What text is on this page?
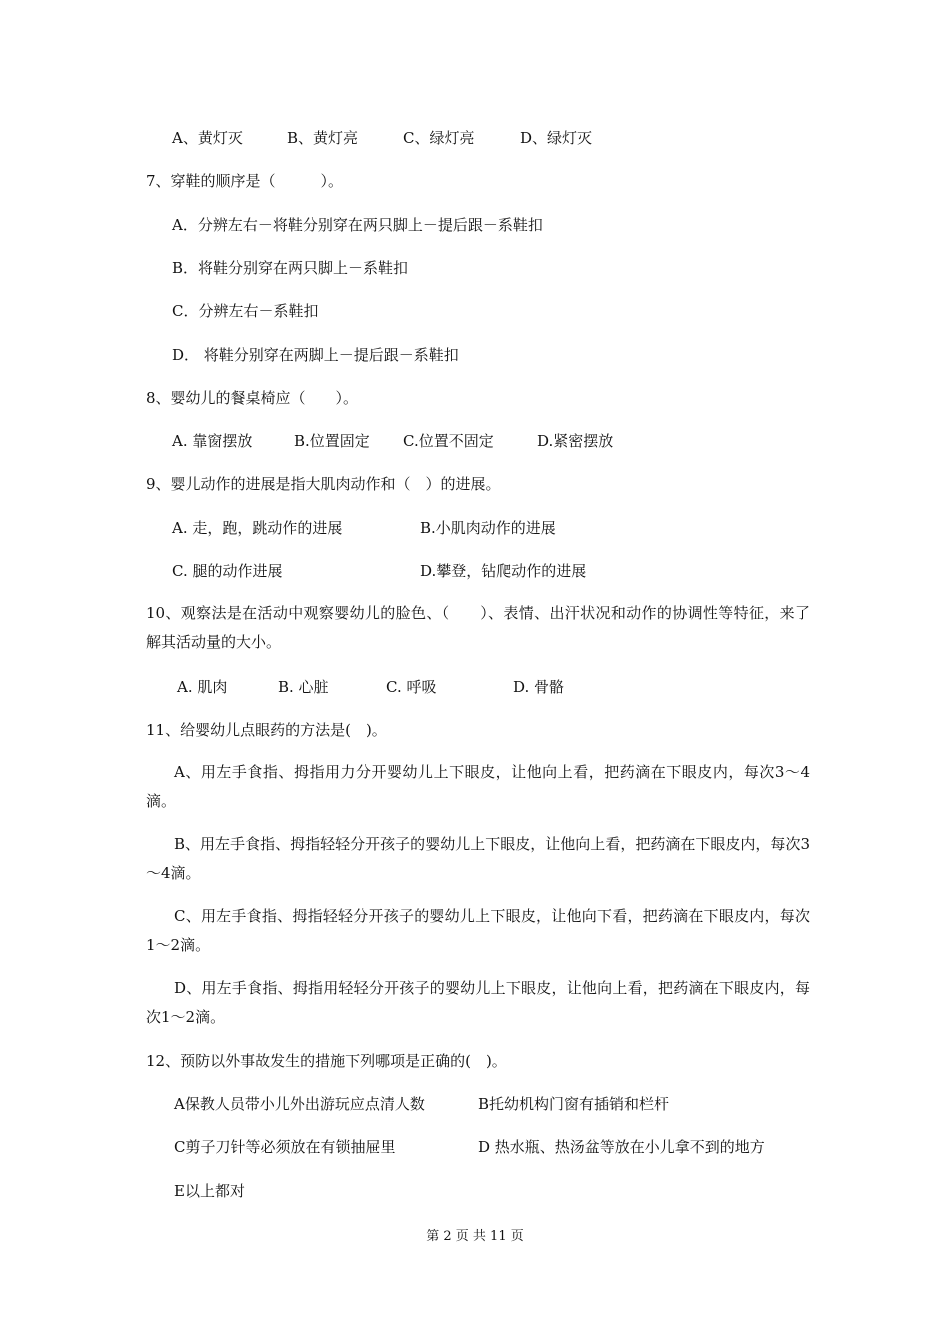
A、黄灯灭	B、黄灯亮	C、绿灯亮	D、绿灯灭
7、穿鞋的顺序是（　　　）。
A．分辨左右－将鞋分别穿在两只脚上－提后跟－系鞋扣
B．将鞋分别穿在两只脚上－系鞋扣
C．分辨左右－系鞋扣
D． 将鞋分别穿在两脚上－提后跟－系鞋扣
8、婴幼儿的餐桌椅应（　　）。
A. 靠窗摆放	B.位置固定 C.位置不固定	D.紧密摆放
9、婴儿动作的进展是指大肌肉动作和（　）的进展。
A. 走，跑，跳动作的进展	B.小肌肉动作的进展
C. 腿的动作进展	D.攀登，钻爬动作的进展
10、观察法是在活动中观察婴幼儿的脸色、（　　）、表情、出汗状况和动作的协调性等特征，来了解其活动量的大小。
A. 肌肉	B. 心脏	C. 呼吸	D. 骨骼
11、给婴幼儿点眼药的方法是(　)。
A、用左手食指、拇指用力分开婴幼儿上下眼皮，让他向上看，把药滴在下眼皮内，每次3～4滴。
B、用左手食指、拇指轻轻分开孩子的婴幼儿上下眼皮，让他向上看，把药滴在下眼皮内，每次3～4滴。
C、用左手食指、拇指轻轻分开孩子的婴幼儿上下眼皮，让他向下看，把药滴在下眼皮内，每次1～2滴。
D、用左手食指、拇指用轻轻分开孩子的婴幼儿上下眼皮，让他向上看，把药滴在下眼皮内，每次1～2滴。
12、预防以外事故发生的措施下列哪项是正确的(　)。
A保教人员带小儿外出游玩应点清人数	B托幼机构门窗有插销和栏杆
C剪子刀针等必须放在有锁抽屉里	D 热水瓶、热汤盆等放在小儿拿不到的地方
E以上都对
第 2 页 共 11 页
